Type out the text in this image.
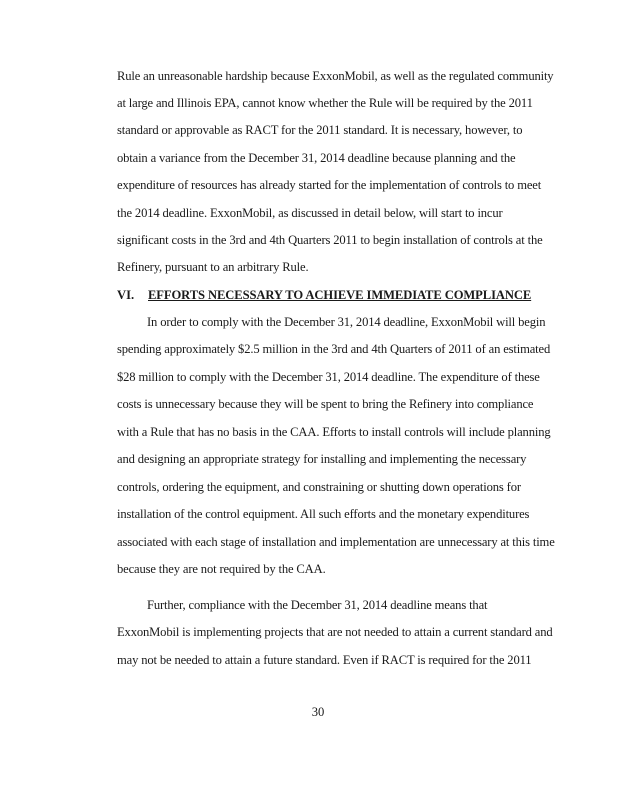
Rule an unreasonable hardship because ExxonMobil, as well as the regulated community
at large and Illinois EPA, cannot know whether the Rule will be required by the 2011
standard or approvable as RACT for the 2011 standard. It is necessary, however, to
obtain a variance from the December 31, 2014 deadline because planning and the
expenditure of resources has already started for the implementation of controls to meet
the 2014 deadline. ExxonMobil, as discussed in detail below, will start to incur
significant costs in the 3rd and 4th Quarters 2011 to begin installation of controls at the
Refinery, pursuant to an arbitrary Rule.
VI. EFFORTS NECESSARY TO ACHIEVE IMMEDIATE COMPLIANCE
In order to comply with the December 31, 2014 deadline, ExxonMobil will begin
spending approximately $2.5 million in the 3rd and 4th Quarters of 2011 of an estimated
$28 million to comply with the December 31, 2014 deadline. The expenditure of these
costs is unnecessary because they will be spent to bring the Refinery into compliance
with a Rule that has no basis in the CAA. Efforts to install controls will include planning
and designing an appropriate strategy for installing and implementing the necessary
controls, ordering the equipment, and constraining or shutting down operations for
installation of the control equipment. All such efforts and the monetary expenditures
associated with each stage of installation and implementation are unnecessary at this time
because they are not required by the CAA.
Further, compliance with the December 31, 2014 deadline means that
ExxonMobil is implementing projects that are not needed to attain a current standard and
may not be needed to attain a future standard. Even if RACT is required for the 2011
30
